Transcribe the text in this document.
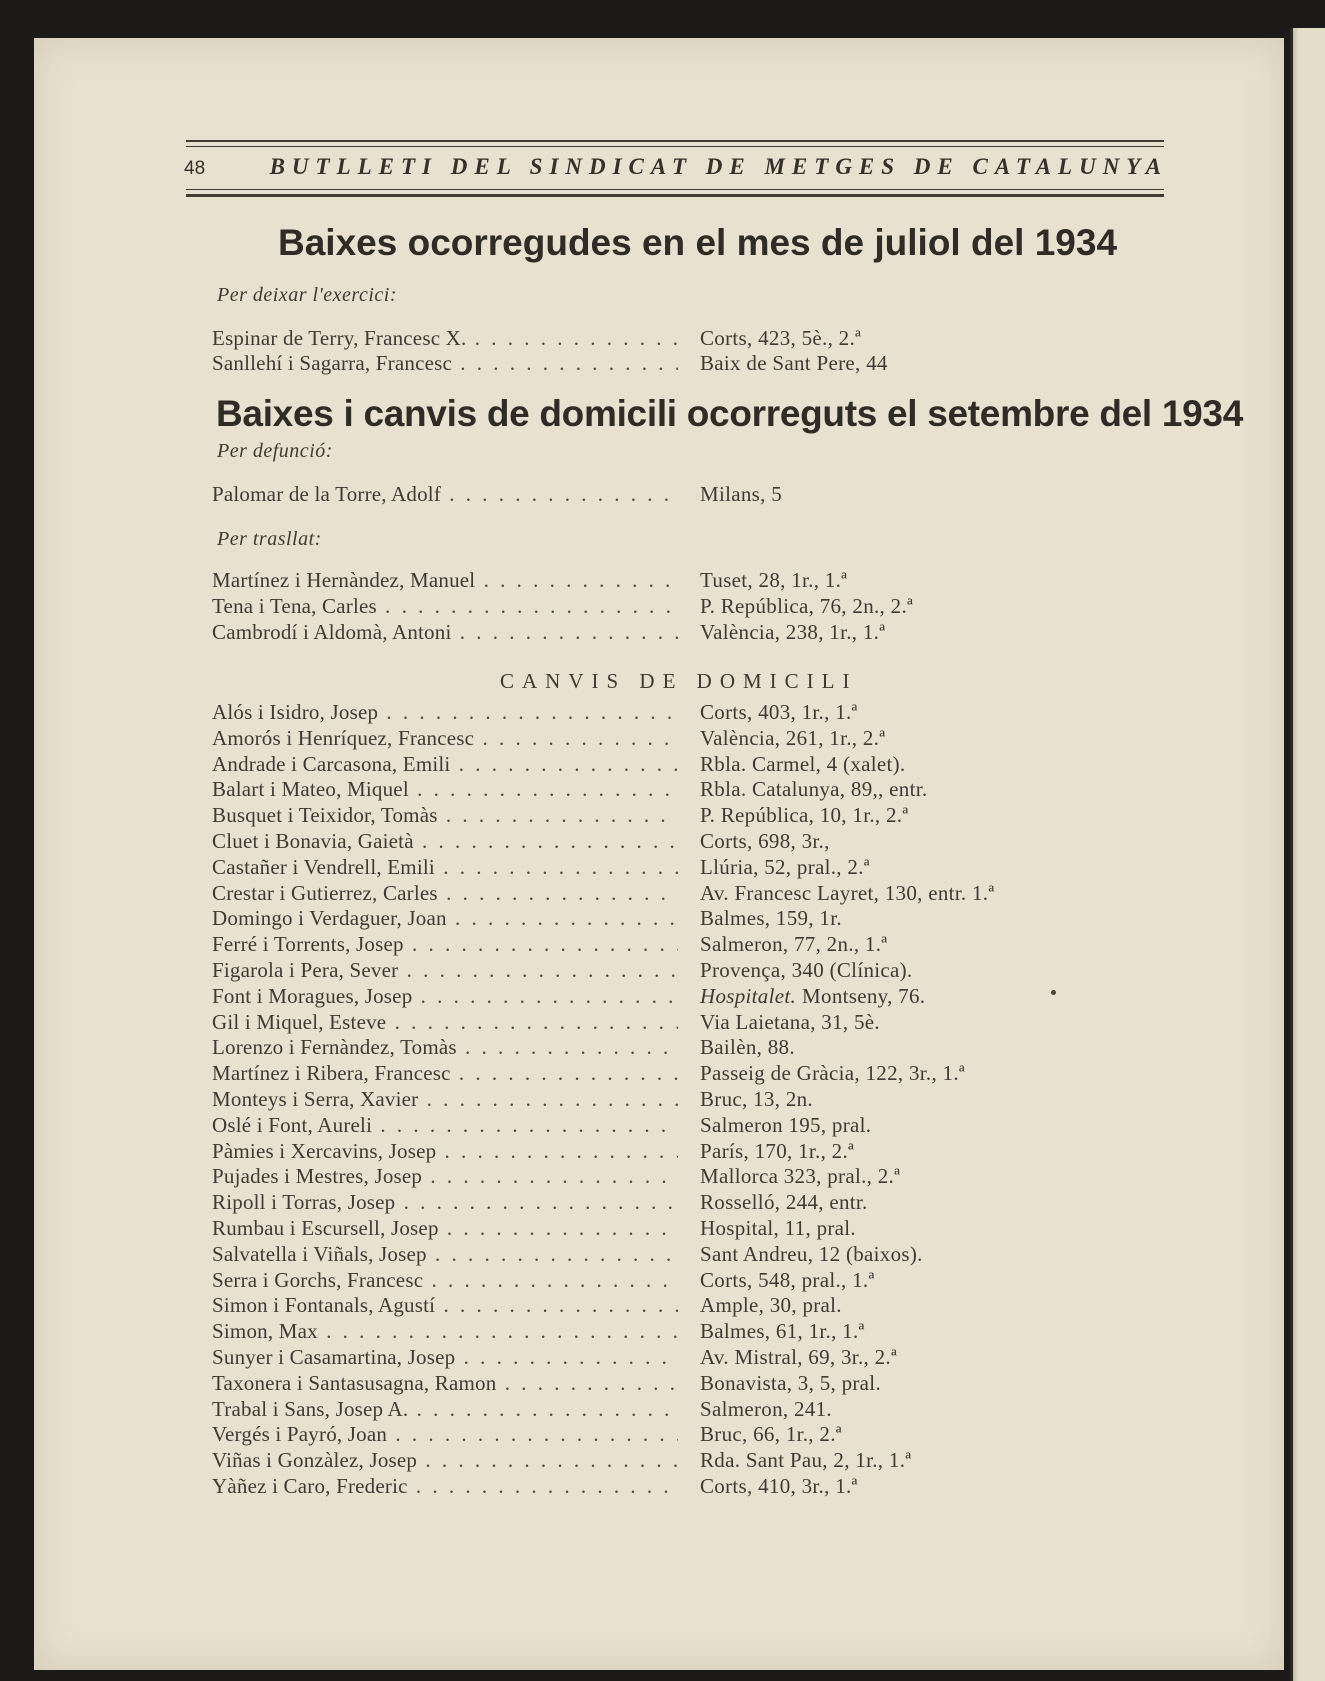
48	BUTLLETI DEL SINDICAT DE METGES DE CATALUNYA
Baixes ocorregudes en el mes de juliol del 1934

Per deixar l'exercici:

Espinar de Terry, Francesc X. . . .	Corts, 423, 5è., 2.ª
Sanllehí i Sagarra, Francesc . . .	Baix de Sant Pere, 44
Baixes i canvis de domicili ocorreguts el setembre del 1934

Per defunció:

Palomar de la Torre, Adolf . . .	Milans, 5

Per trasllat:

Martínez i Hernàndez, Manuel . . .	Tuset, 28, 1r., 1.ª
Tena i Tena, Carles . . .	P. República, 76, 2n., 2.ª
Cambrodí i Aldomà, Antoni . . .	València, 238, 1r., 1.ª
CANVIS DE DOMICILI
Alós i Isidro, Josep . . .	Corts, 403, 1r., 1.ª
Amorós i Henríquez, Francesc . . .	València, 261, 1r., 2.ª
Andrade i Carcasona, Emili . . .	Rbla. Carmel, 4 (xalet).
Balart i Mateo, Miquel . . .	Rbla. Catalunya, 89,, entr.
Busquet i Teixidor, Tomàs . . .	P. República, 10, 1r., 2.ª
Cluet i Bonavia, Gaietà . . .	Corts, 698, 3r.,
Castañer i Vendrell, Emili . . .	Llúria, 52, pral., 2.ª
Crestar i Gutierrez, Carles . . .	Av. Francesc Layret, 130, entr. 1.ª
Domingo i Verdaguer, Joan . . .	Balmes, 159, 1r.
Ferré i Torrents, Josep . . .	Salmeron, 77, 2n., 1.ª
Figarola i Pera, Sever . . .	Provença, 340 (Clínica).
Font i Moragues, Josep . . .	Hospitalet. Montseny, 76.
Gil i Miquel, Esteve . . .	Via Laietana, 31, 5è.
Lorenzo i Fernàndez, Tomàs . . .	Bailèn, 88.
Martínez i Ribera, Francesc . . .	Passeig de Gràcia, 122, 3r., 1.ª
Monteys i Serra, Xavier . . .	Bruc, 13, 2n.
Oslé i Font, Aureli . . .	Salmeron 195, pral.
Pàmies i Xercavins, Josep . . .	París, 170, 1r., 2.ª
Pujades i Mestres, Josep . . .	Mallorca 323, pral., 2.ª
Ripoll i Torras, Josep . . .	Rosselló, 244, entr.
Rumbau i Escursell, Josep . . .	Hospital, 11, pral.
Salvatella i Viñals, Josep . . .	Sant Andreu, 12 (baixos).
Serra i Gorchs, Francesc . . .	Corts, 548, pral., 1.ª
Simon i Fontanals, Agustí . . .	Ample, 30, pral.
Simon, Max . . .	Balmes, 61, 1r., 1.ª
Sunyer i Casamartina, Josep . . .	Av. Mistral, 69, 3r., 2.ª
Taxonera i Santasusagna, Ramon . . .	Bonavista, 3, 5, pral.
Trabal i Sans, Josep A. . . .	Salmeron, 241.
Vergés i Payró, Joan . . .	Bruc, 66, 1r., 2.ª
Viñas i Gonzàlez, Josep . . .	Rda. Sant Pau, 2, 1r., 1.ª
Yàñez i Caro, Frederic . . .	Corts, 410, 3r., 1.ª
